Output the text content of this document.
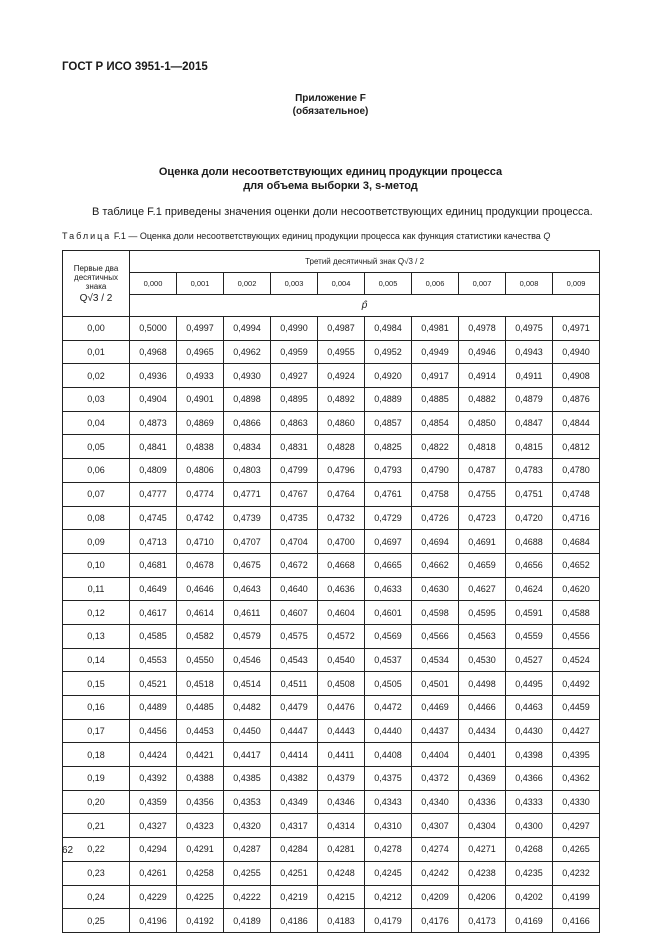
ГОСТ Р ИСО 3951-1—2015
Приложение F
(обязательное)
Оценка доли несоответствующих единиц продукции процесса
для объема выборки 3, s-метод
В таблице F.1 приведены значения оценки доли несоответствующих единиц продукции процесса.
Таблица F.1 — Оценка доли несоответствующих единиц продукции процесса как функция статистики качества Q
Первые два
десятичных
знака
Q√3 / 2	Третий десятичный знак Q√3 / 2									
	0,000	0,001	0,002	0,003	0,004	0,005	0,006	0,007	0,008	0,009
	p̂									
0,00	0,5000	0,4997	0,4994	0,4990	0,4987	0,4984	0,4981	0,4978	0,4975	0,4971
0,01	0,4968	0,4965	0,4962	0,4959	0,4955	0,4952	0,4949	0,4946	0,4943	0,4940
0,02	0,4936	0,4933	0,4930	0,4927	0,4924	0,4920	0,4917	0,4914	0,4911	0,4908
0,03	0,4904	0,4901	0,4898	0,4895	0,4892	0,4889	0,4885	0,4882	0,4879	0,4876
0,04	0,4873	0,4869	0,4866	0,4863	0,4860	0,4857	0,4854	0,4850	0,4847	0,4844
0,05	0,4841	0,4838	0,4834	0,4831	0,4828	0,4825	0,4822	0,4818	0,4815	0,4812
0,06	0,4809	0,4806	0,4803	0,4799	0,4796	0,4793	0,4790	0,4787	0,4783	0,4780
0,07	0,4777	0,4774	0,4771	0,4767	0,4764	0,4761	0,4758	0,4755	0,4751	0,4748
0,08	0,4745	0,4742	0,4739	0,4735	0,4732	0,4729	0,4726	0,4723	0,4720	0,4716
0,09	0,4713	0,4710	0,4707	0,4704	0,4700	0,4697	0,4694	0,4691	0,4688	0,4684
0,10	0,4681	0,4678	0,4675	0,4672	0,4668	0,4665	0,4662	0,4659	0,4656	0,4652
0,11	0,4649	0,4646	0,4643	0,4640	0,4636	0,4633	0,4630	0,4627	0,4624	0,4620
0,12	0,4617	0,4614	0,4611	0,4607	0,4604	0,4601	0,4598	0,4595	0,4591	0,4588
0,13	0,4585	0,4582	0,4579	0,4575	0,4572	0,4569	0,4566	0,4563	0,4559	0,4556
0,14	0,4553	0,4550	0,4546	0,4543	0,4540	0,4537	0,4534	0,4530	0,4527	0,4524
0,15	0,4521	0,4518	0,4514	0,4511	0,4508	0,4505	0,4501	0,4498	0,4495	0,4492
0,16	0,4489	0,4485	0,4482	0,4479	0,4476	0,4472	0,4469	0,4466	0,4463	0,4459
0,17	0,4456	0,4453	0,4450	0,4447	0,4443	0,4440	0,4437	0,4434	0,4430	0,4427
0,18	0,4424	0,4421	0,4417	0,4414	0,4411	0,4408	0,4404	0,4401	0,4398	0,4395
0,19	0,4392	0,4388	0,4385	0,4382	0,4379	0,4375	0,4372	0,4369	0,4366	0,4362
0,20	0,4359	0,4356	0,4353	0,4349	0,4346	0,4343	0,4340	0,4336	0,4333	0,4330
0,21	0,4327	0,4323	0,4320	0,4317	0,4314	0,4310	0,4307	0,4304	0,4300	0,4297
0,22	0,4294	0,4291	0,4287	0,4284	0,4281	0,4278	0,4274	0,4271	0,4268	0,4265
0,23	0,4261	0,4258	0,4255	0,4251	0,4248	0,4245	0,4242	0,4238	0,4235	0,4232
0,24	0,4229	0,4225	0,4222	0,4219	0,4215	0,4212	0,4209	0,4206	0,4202	0,4199
0,25	0,4196	0,4192	0,4189	0,4186	0,4183	0,4179	0,4176	0,4173	0,4169	0,4166
62
